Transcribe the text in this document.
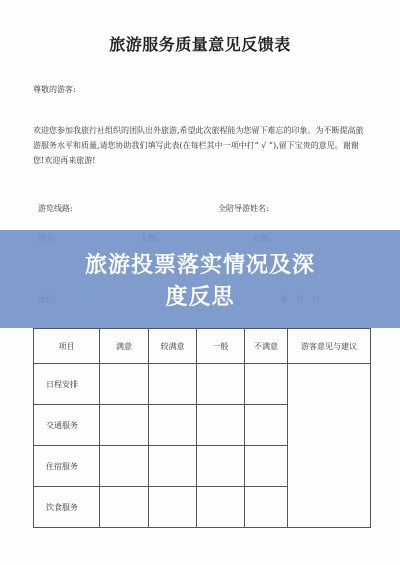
旅游服务质量意见反馈表
尊敬的游客:
欢迎您参加我旅行社组织的团队出外旅游,希望此次旅程能为您留下难忘的印象。为不断提高旅游服务水平和质量,请您协助我们填写此表(在每栏其中一项中打“ √ ”),留下宝贵的意见。谢谢您!欢迎再来旅游!
游览线路:	全陪导游姓名:
旅游投票落实情况及深
度反思
项目	满意	较满意	一般	不满意	游客意见与建议
日程安排					
交通服务					
住宿服务					
饮食服务					
